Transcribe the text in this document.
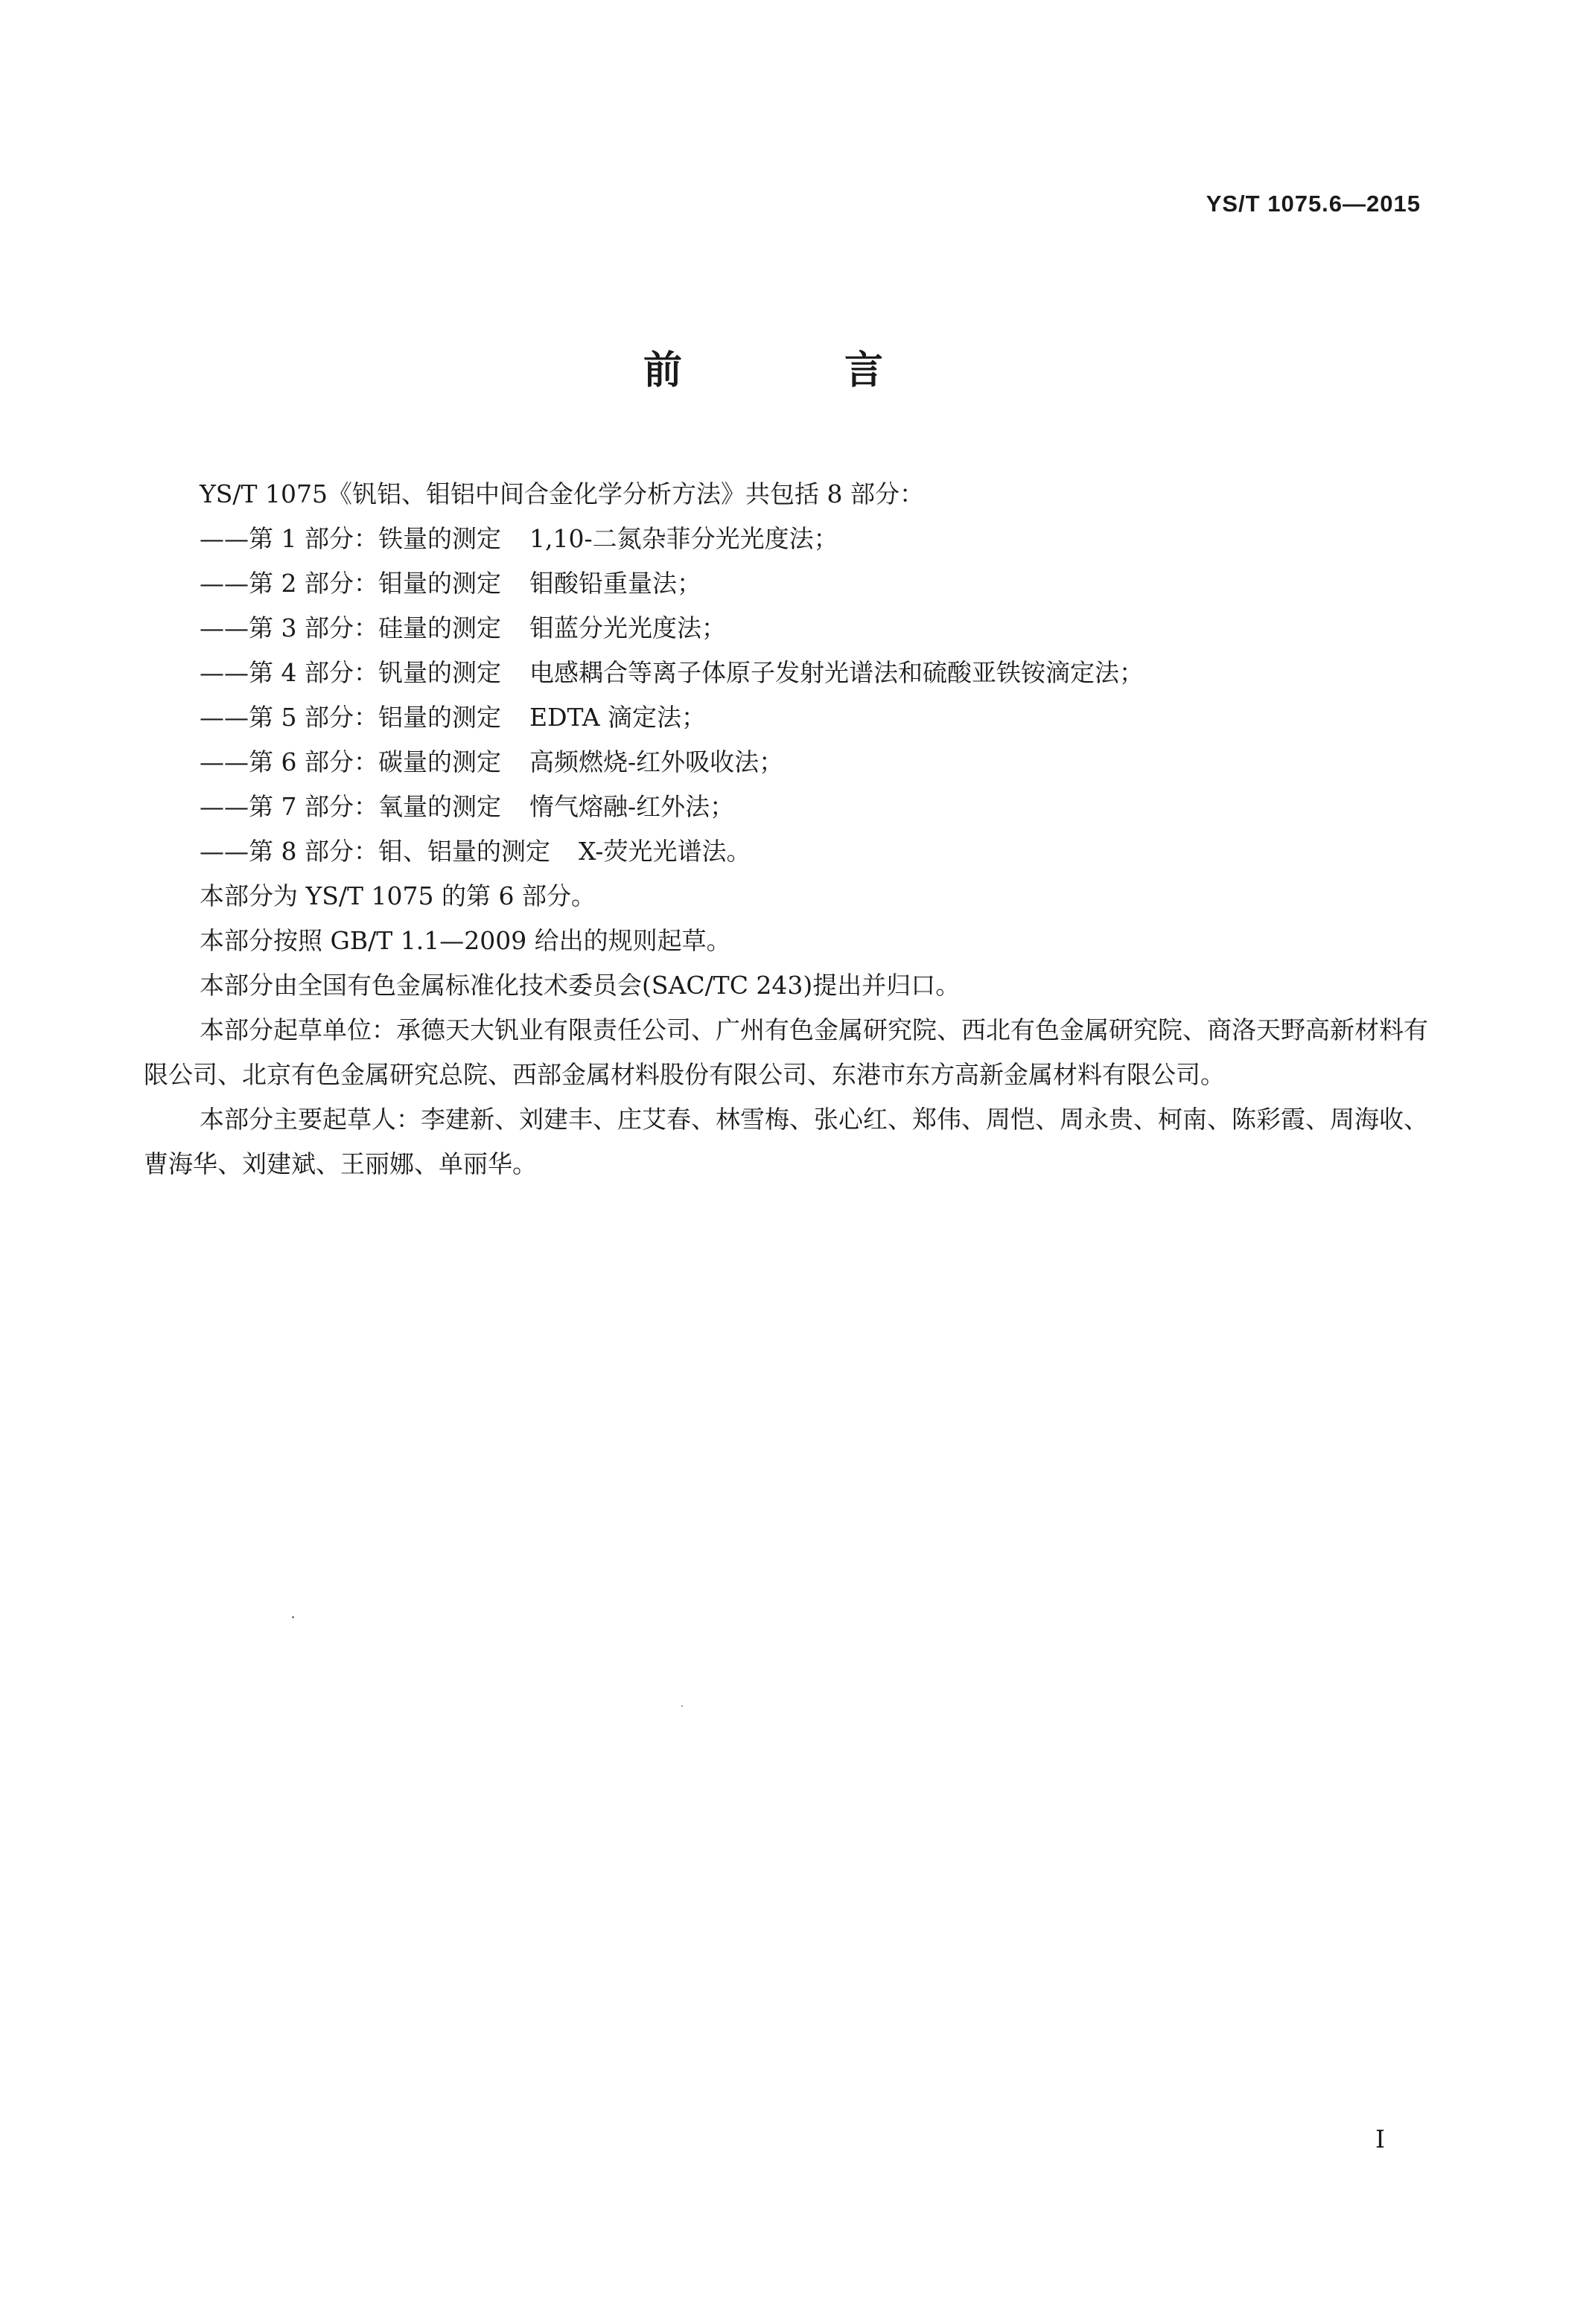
YS/T 1075.6—2015
前 言

YS/T 1075《钒铝、钼铝中间合金化学分析方法》共包括 8 部分：

——第 1 部分：铁量的测定 1,10-二氮杂菲分光光度法；
——第 2 部分：钼量的测定 钼酸铅重量法；
——第 3 部分：硅量的测定 钼蓝分光光度法；
——第 4 部分：钒量的测定 电感耦合等离子体原子发射光谱法和硫酸亚铁铵滴定法；
——第 5 部分：铝量的测定 EDTA 滴定法；
——第 6 部分：碳量的测定 高频燃烧-红外吸收法；
——第 7 部分：氧量的测定 惰气熔融-红外法；
——第 8 部分：钼、铝量的测定 X-荧光光谱法。

本部分为 YS/T 1075 的第 6 部分。

本部分按照 GB/T 1.1—2009 给出的规则起草。

本部分由全国有色金属标准化技术委员会(SAC/TC 243)提出并归口。

本部分起草单位：承德天大钒业有限责任公司、广州有色金属研究院、西北有色金属研究院、商洛天野高新材料有限公司、北京有色金属研究总院、西部金属材料股份有限公司、东港市东方高新金属材料有限公司。

本部分主要起草人：李建新、刘建丰、庄艾春、林雪梅、张心红、郑伟、周恺、周永贵、柯南、陈彩霞、周海收、曹海华、刘建斌、王丽娜、单丽华。

I
